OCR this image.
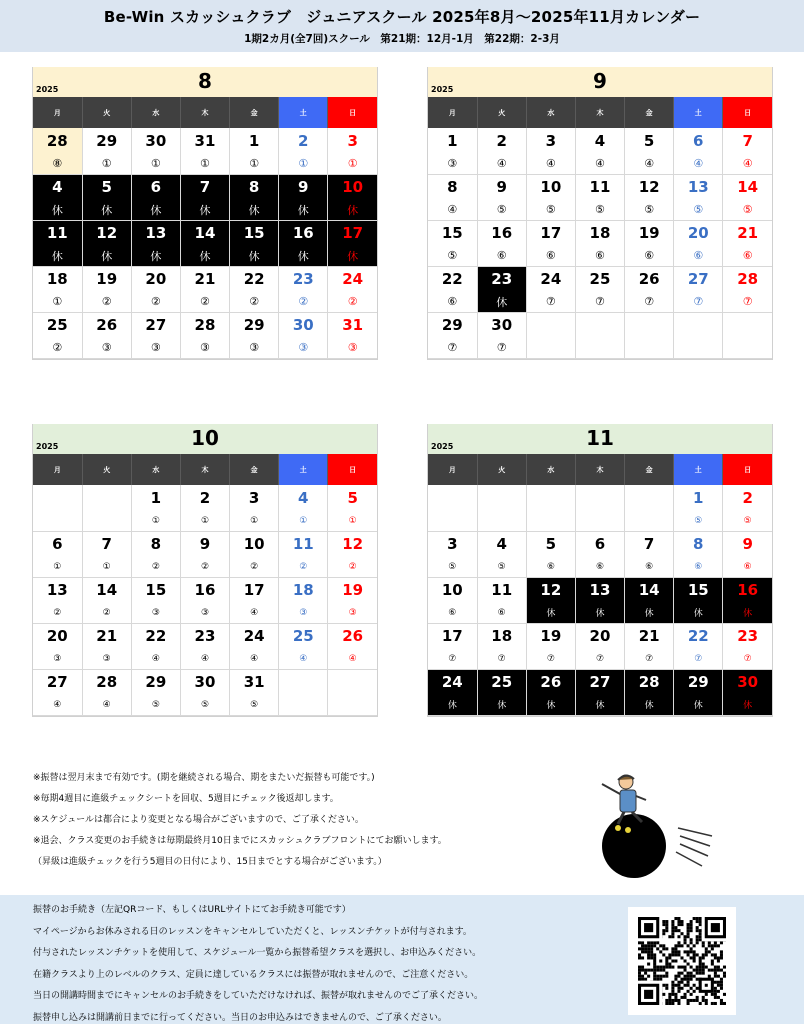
Be-Win スカッシュクラブ　ジュニアスクール 2025年8月～2025年11月カレンダー
1期2カ月(全7回)スクール　第21期：12月-1月　第22期：2-3月
2025	8
月	火	水	木	金	土	日
28	29	30	31	1	2	3
⑧	①	①	①	①	①	①
4	5	6	7	8	9	10
休	休	休	休	休	休	休
11	12	13	14	15	16	17
休	休	休	休	休	休	休
18	19	20	21	22	23	24
①	②	②	②	②	②	②
25	26	27	28	29	30	31
②	③	③	③	③	③	③
2025	9
月	火	水	木	金	土	日
1	2	3	4	5	6	7
③	④	④	④	④	④	④
8	9	10	11	12	13	14
④	⑤	⑤	⑤	⑤	⑤	⑤
15	16	17	18	19	20	21
⑤	⑥	⑥	⑥	⑥	⑥	⑥
22	23	24	25	26	27	28
⑥	休	⑦	⑦	⑦	⑦	⑦
29	30					
⑦	⑦					
2025	10
月	火	水	木	金	土	日
		1	2	3	4	5
		①	①	①	①	①
6	7	8	9	10	11	12
①	①	②	②	②	②	②
13	14	15	16	17	18	19
②	②	③	③	④	③	③
20	21	22	23	24	25	26
③	③	④	④	④	④	④
27	28	29	30	31		
④	④	⑤	⑤	⑤		
2025	11
月	火	水	木	金	土	日
					1	2
					⑤	⑤
3	4	5	6	7	8	9
⑤	⑤	⑥	⑥	⑥	⑥	⑥
10	11	12	13	14	15	16
⑥	⑥	休	休	休	休	休
17	18	19	20	21	22	23
⑦	⑦	⑦	⑦	⑦	⑦	⑦
24	25	26	27	28	29	30
休	休	休	休	休	休	休
※振替は翌月末まで有効です。(期を継続される場合、期をまたいだ振替も可能です。)
※毎期4週目に進級チェックシートを回収、5週目にチェック後返却します。
※スケジュールは都合により変更となる場合がございますので、ご了承ください。
※退会、クラス変更のお手続きは毎期最終月10日までにスカッシュクラブフロントにてお願いします。
（昇級は進級チェックを行う5週目の日付により、15日までとする場合がございます。）
振替のお手続き（左記QRコード、もしくはURLサイトにてお手続き可能です）
マイページからお休みされる日のレッスンをキャンセルしていただくと、レッスンチケットが付与されます。
付与されたレッスンチケットを使用して、スケジュール一覧から振替希望クラスを選択し、お申込みください。
在籍クラスより上のレベルのクラス、定員に達しているクラスには振替が取れませんので、ご注意ください。
当日の開講時間までにキャンセルのお手続きをしていただけなければ、振替が取れませんのでご了承ください。
振替申し込みは開講前日までに行ってください。当日のお申込みはできませんので、ご了承ください。
